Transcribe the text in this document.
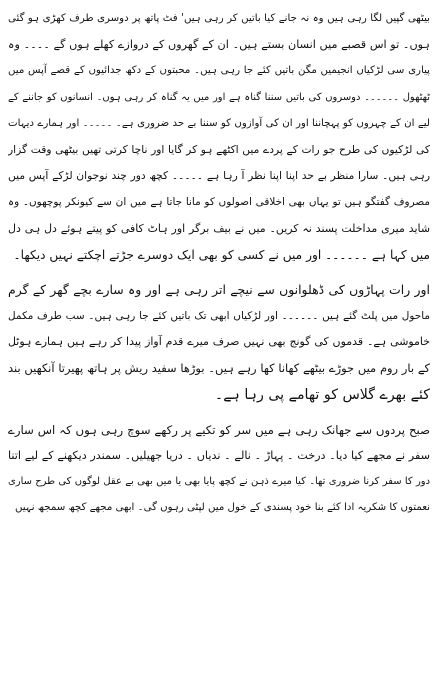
بیٹھی گپیں لگا رہی ہیں وہ نہ جانے کیا باتیں کر رہی ہیں' فٹ پاتھ پر دوسری طرف کھڑی ہو گئی
ہوں۔ تو اس قصبے میں انسان بستے ہیں۔ ان کے گھروں کے دروازے کھلے ہوں گے ۔۔۔۔ وہ
پیاری سی لڑکیاں انجیمیں مگن باتیں کئے جا رہی ہیں۔ محبتوں کے دکھ جدائیوں کے قصے آپس میں
ٹھٹھول ۔۔۔۔۔۔ دوسروں کی باتیں سننا گناہ ہے اور میں یہ گناہ کر رہی ہوں۔ انسانوں کو جاننے کے
لیے ان کے چہروں کو پہچاننا اور ان کی آوازوں کو سننا بے حد ضروری ہے۔ ۔۔۔۔۔ اور ہمارے دیہات
کی لڑکیوں کی طرح جو رات کے پردے میں اکٹھے ہو کر گایا اور ناچا کرتی تھیں بیٹھی وقت گزار
رہی ہیں۔ سارا منظر بے حد اپنا اپنا نظر آ رہا ہے ۔۔۔۔۔ کچھ دور چند نوجوان لڑکے آپس میں
مصروف گفتگو ہیں تو یہاں بھی اخلاقی اصولوں کو مانا جاتا ہے میں ان سے کیونکر پوچھوں۔ وہ
شاید میری مداخلت پسند نہ کریں۔ میں نے بیف برگر اور ہاٹ کافی کو پیتے ہوئے دل ہی دل
میں کہا ہے ۔۔۔۔۔۔ اور میں نے کسی کو بھی ایک دوسرے جڑتے اچکتے نہیں دیکھا۔
اور رات پہاڑوں کی ڈھلوانوں سے نیچے اتر رہی ہے اور وہ سارے بچے گھر کے گرم
ماحول میں پلٹ گئے ہیں ۔۔۔۔۔۔ اور لڑکیاں ابھی تک باتیں کئے جا رہی ہیں۔ سب طرف مکمل
خاموشی ہے۔ قدموں کی گونج بھی نہیں صرف میرے قدم آواز پیدا کر رہے ہیں ہمارے ہوٹل
کے بار روم میں جوڑے بیٹھے کھانا کھا رہے ہیں۔ بوڑھا سفید ریش پر ہاتھ پھیرتا آنکھیں بند
کئے بھرے گلاس کو تھامے پی رہا ہے۔
صبح پردوں سے جھانک رہی ہے میں سر کو تکیے پر رکھے سوچ رہی ہوں کہ اس سارے
سفر نے مجھے کیا دیا۔ درخت ۔ پہاڑ ۔ نالے ۔ ندیاں ۔ دریا جھیلیں۔ سمندر دیکھنے کے لیے اتنا
دور کا سفر کرنا ضروری تھا۔ کیا میرے ذہن نے کچھ پایا بھی یا میں بھی بے عقل لوگوں کی طرح ساری
نعمتوں کا شکریہ ادا کئے بنا خود پسندی کے خول میں لپٹی رہوں گی۔ ابھی مجھے کچھ سمجھ نہیں
